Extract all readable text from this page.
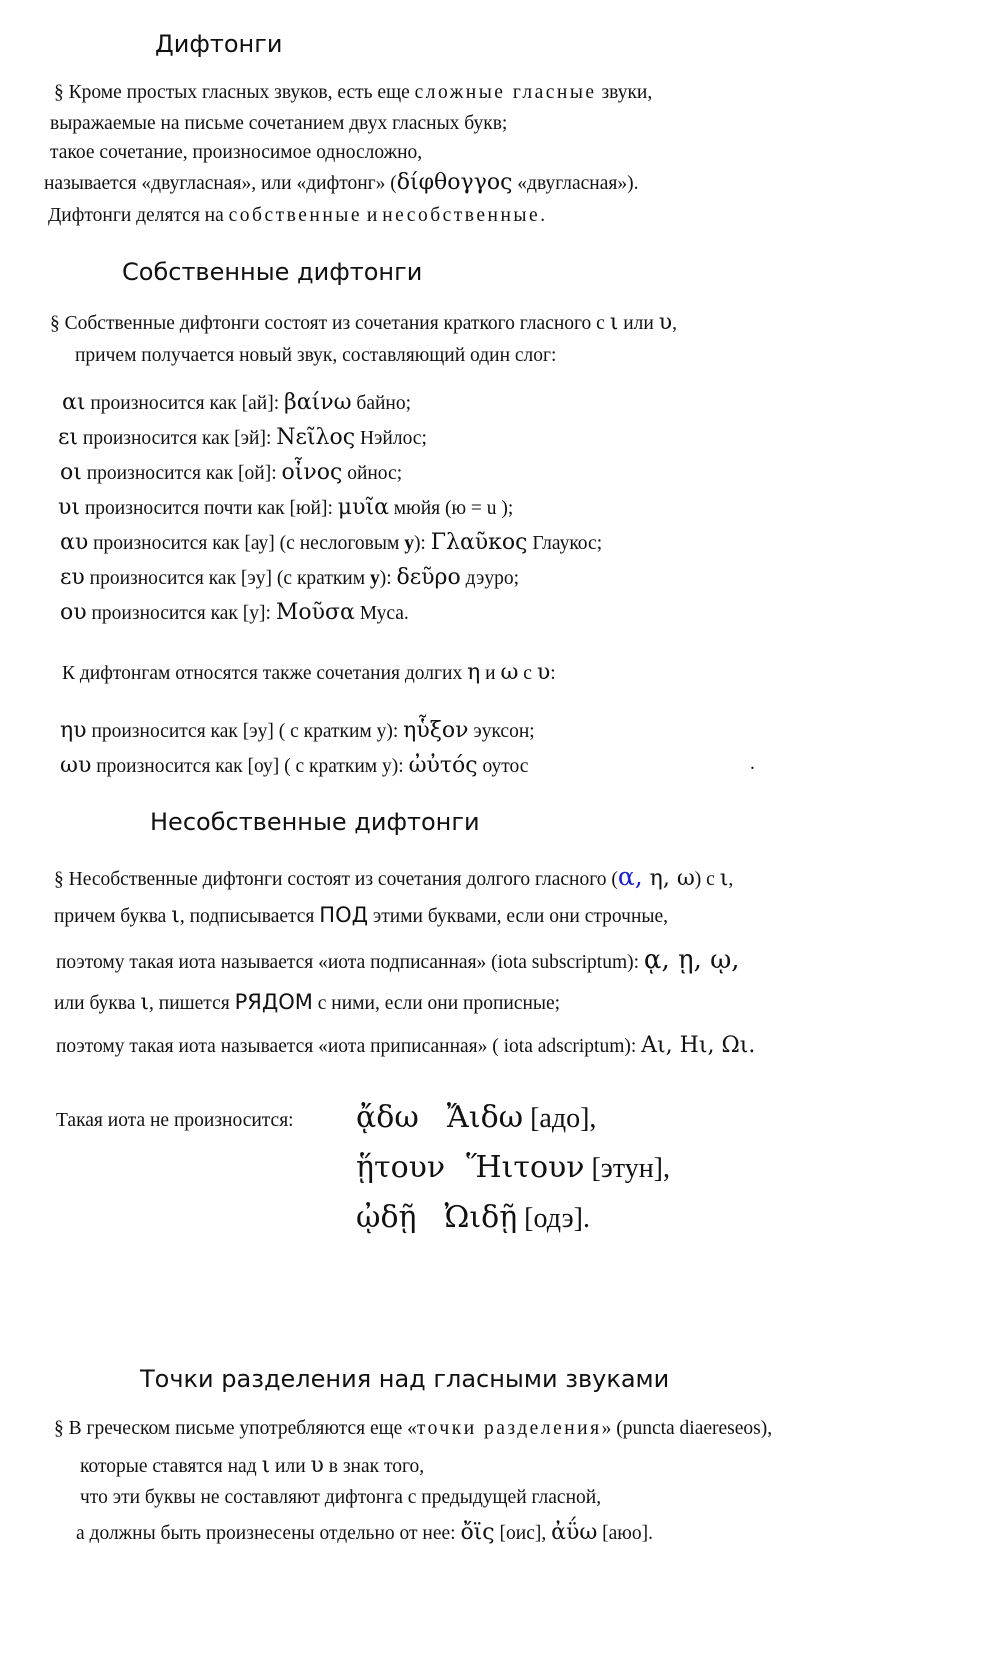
Дифтонги
§ Кроме простых гласных звуков, есть еще сложные гласные звуки,
выражаемые на письме сочетанием двух гласных букв;
такое сочетание, произносимое односложно,
называется «двугласная», или «дифтонг» (δίφθογγος «двугласная»).
Дифтонги делятся на собственные и несобственные.
Собственные дифтонги
§ Собственные дифтонги состоят из сочетания краткого гласного с ι или υ,
причем получается новый звук, составляющий один слог:
αι произносится как [ай]: βαίνω байно;
ει произносится как [эй]: Νεῖλος Нэйлос;
οι произносится как [ой]: οἶνος ойнос;
υι произносится почти как [юй]: μυῖα мюйя (ю = u );
αυ произносится как [ау] (с неслоговым у): Γλαῦκος Глаукос;
ευ произносится как [эу] (с кратким у): δεῦρο дэуро;
ου произносится как [у]: Μοῦσα Муса.
К дифтонгам относятся также сочетания долгих η и ω с υ:
ηυ произносится как [эу] ( с кратким у): ηὗξον эуксон;
ωυ произносится как [оу] ( с кратким у): ὠὐτός оутос	.
Несобственные дифтонги
§ Несобственные дифтонги состоят из сочетания долгого гласного (α, η, ω) с ι,
причем буква ι, подписывается ПОД этими буквами, если они строчные,
поэтому такая иота называется «иота подписанная» (iota subscriptum): ᾳ, ῃ, ῳ,
или буква ι, пишется РЯДОМ с ними, если они прописные;
поэтому такая иота называется «иота приписанная» ( iota adscriptum): Αι, Ηι, Ωι.
Такая иота не произносится: ᾄδω Ἄιδω [адо],
ᾕτουν Ἥιτουν [этун],
ᾠδῇ Ὠιδῇ [одэ].
Точки разделения над гласными звуками
§ В греческом письме употребляются еще «точки разделения» (puncta diaereseos),
которые ставятся над ι или υ в знак того,
что эти буквы не составляют дифтонга с предыдущей гласной,
а должны быть произнесены отдельно от нее: ὄϊς [оис], ἀΰω [аюо].
